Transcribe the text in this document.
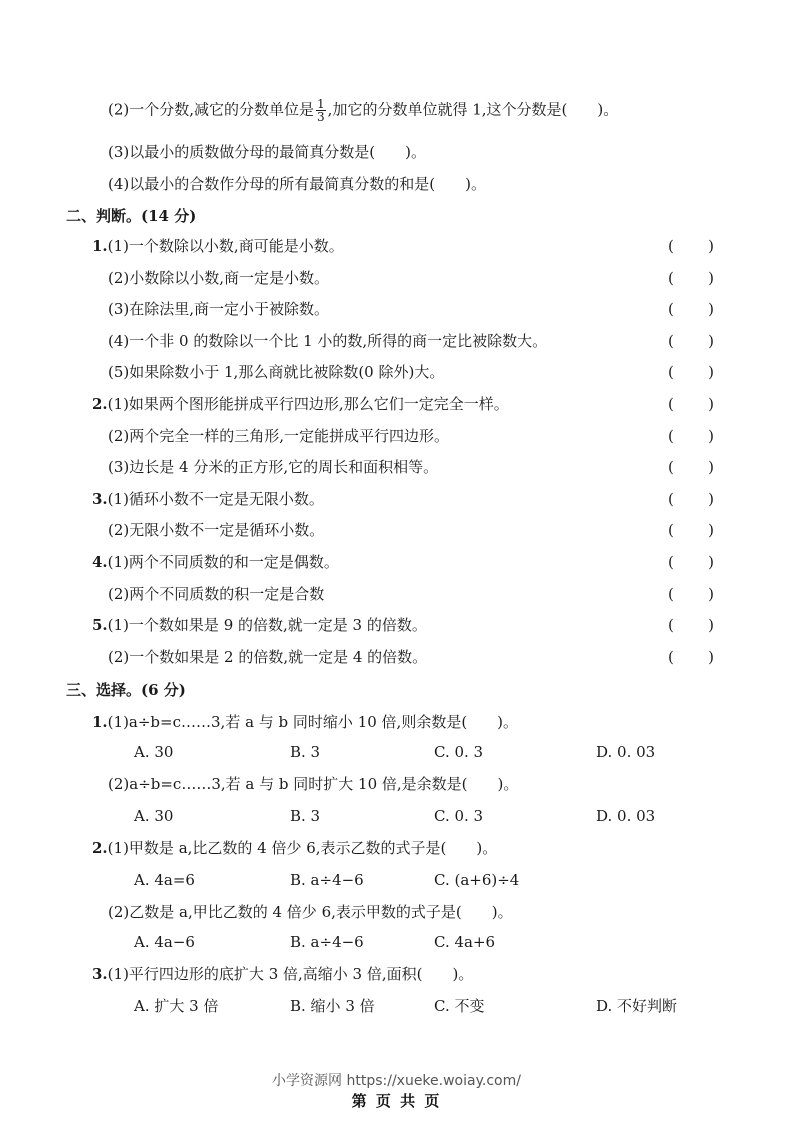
(2)一个分数,减它的分数单位是 $\frac{1}{3}$ ,加它的分数单位就得 1,这个分数是(　　)。
(3)以最小的质数做分母的最简真分数是(　　)。
(4)以最小的合数作分母的所有最简真分数的和是(　　)。
二、判断。(14 分)
1.(1)一个数除以小数,商可能是小数。	( )
(2)小数除以小数,商一定是小数。	( )
(3)在除法里,商一定小于被除数。	( )
(4)一个非 0 的数除以一个比 1 小的数,所得的商一定比被除数大。	( )
(5)如果除数小于 1,那么商就比被除数(0 除外)大。	( )
2.(1)如果两个图形能拼成平行四边形,那么它们一定完全一样。	( )
(2)两个完全一样的三角形,一定能拼成平行四边形。	( )
(3)边长是 4 分米的正方形,它的周长和面积相等。	( )
3.(1)循环小数不一定是无限小数。	( )
(2)无限小数不一定是循环小数。	( )
4.(1)两个不同质数的和一定是偶数。	( )
(2)两个不同质数的积一定是合数	( )
5.(1)一个数如果是 9 的倍数,就一定是 3 的倍数。	( )
(2)一个数如果是 2 的倍数,就一定是 4 的倍数。	( )
三、选择。(6 分)
1.(1)a÷b=c……3,若 a 与 b 同时缩小 10 倍,则余数是(　　)。
A. 30	B. 3	C. 0. 3	D. 0. 03
(2)a÷b=c……3,若 a 与 b 同时扩大 10 倍,是余数是(　　)。
A. 30	B. 3	C. 0. 3	D. 0. 03
2.(1)甲数是 a,比乙数的 4 倍少 6,表示乙数的式子是(　　)。
A. 4a=6	B. a÷4−6	C. (a+6)÷4
(2)乙数是 a,甲比乙数的 4 倍少 6,表示甲数的式子是(　　)。
A. 4a−6	B. a÷4−6	C. 4a+6
3.(1)平行四边形的底扩大 3 倍,高缩小 3 倍,面积(　　)。
A. 扩大 3 倍	B. 缩小 3 倍	C. 不变	D. 不好判断
小学资源网 https://xueke.woiay.com/
第 页 共 页
